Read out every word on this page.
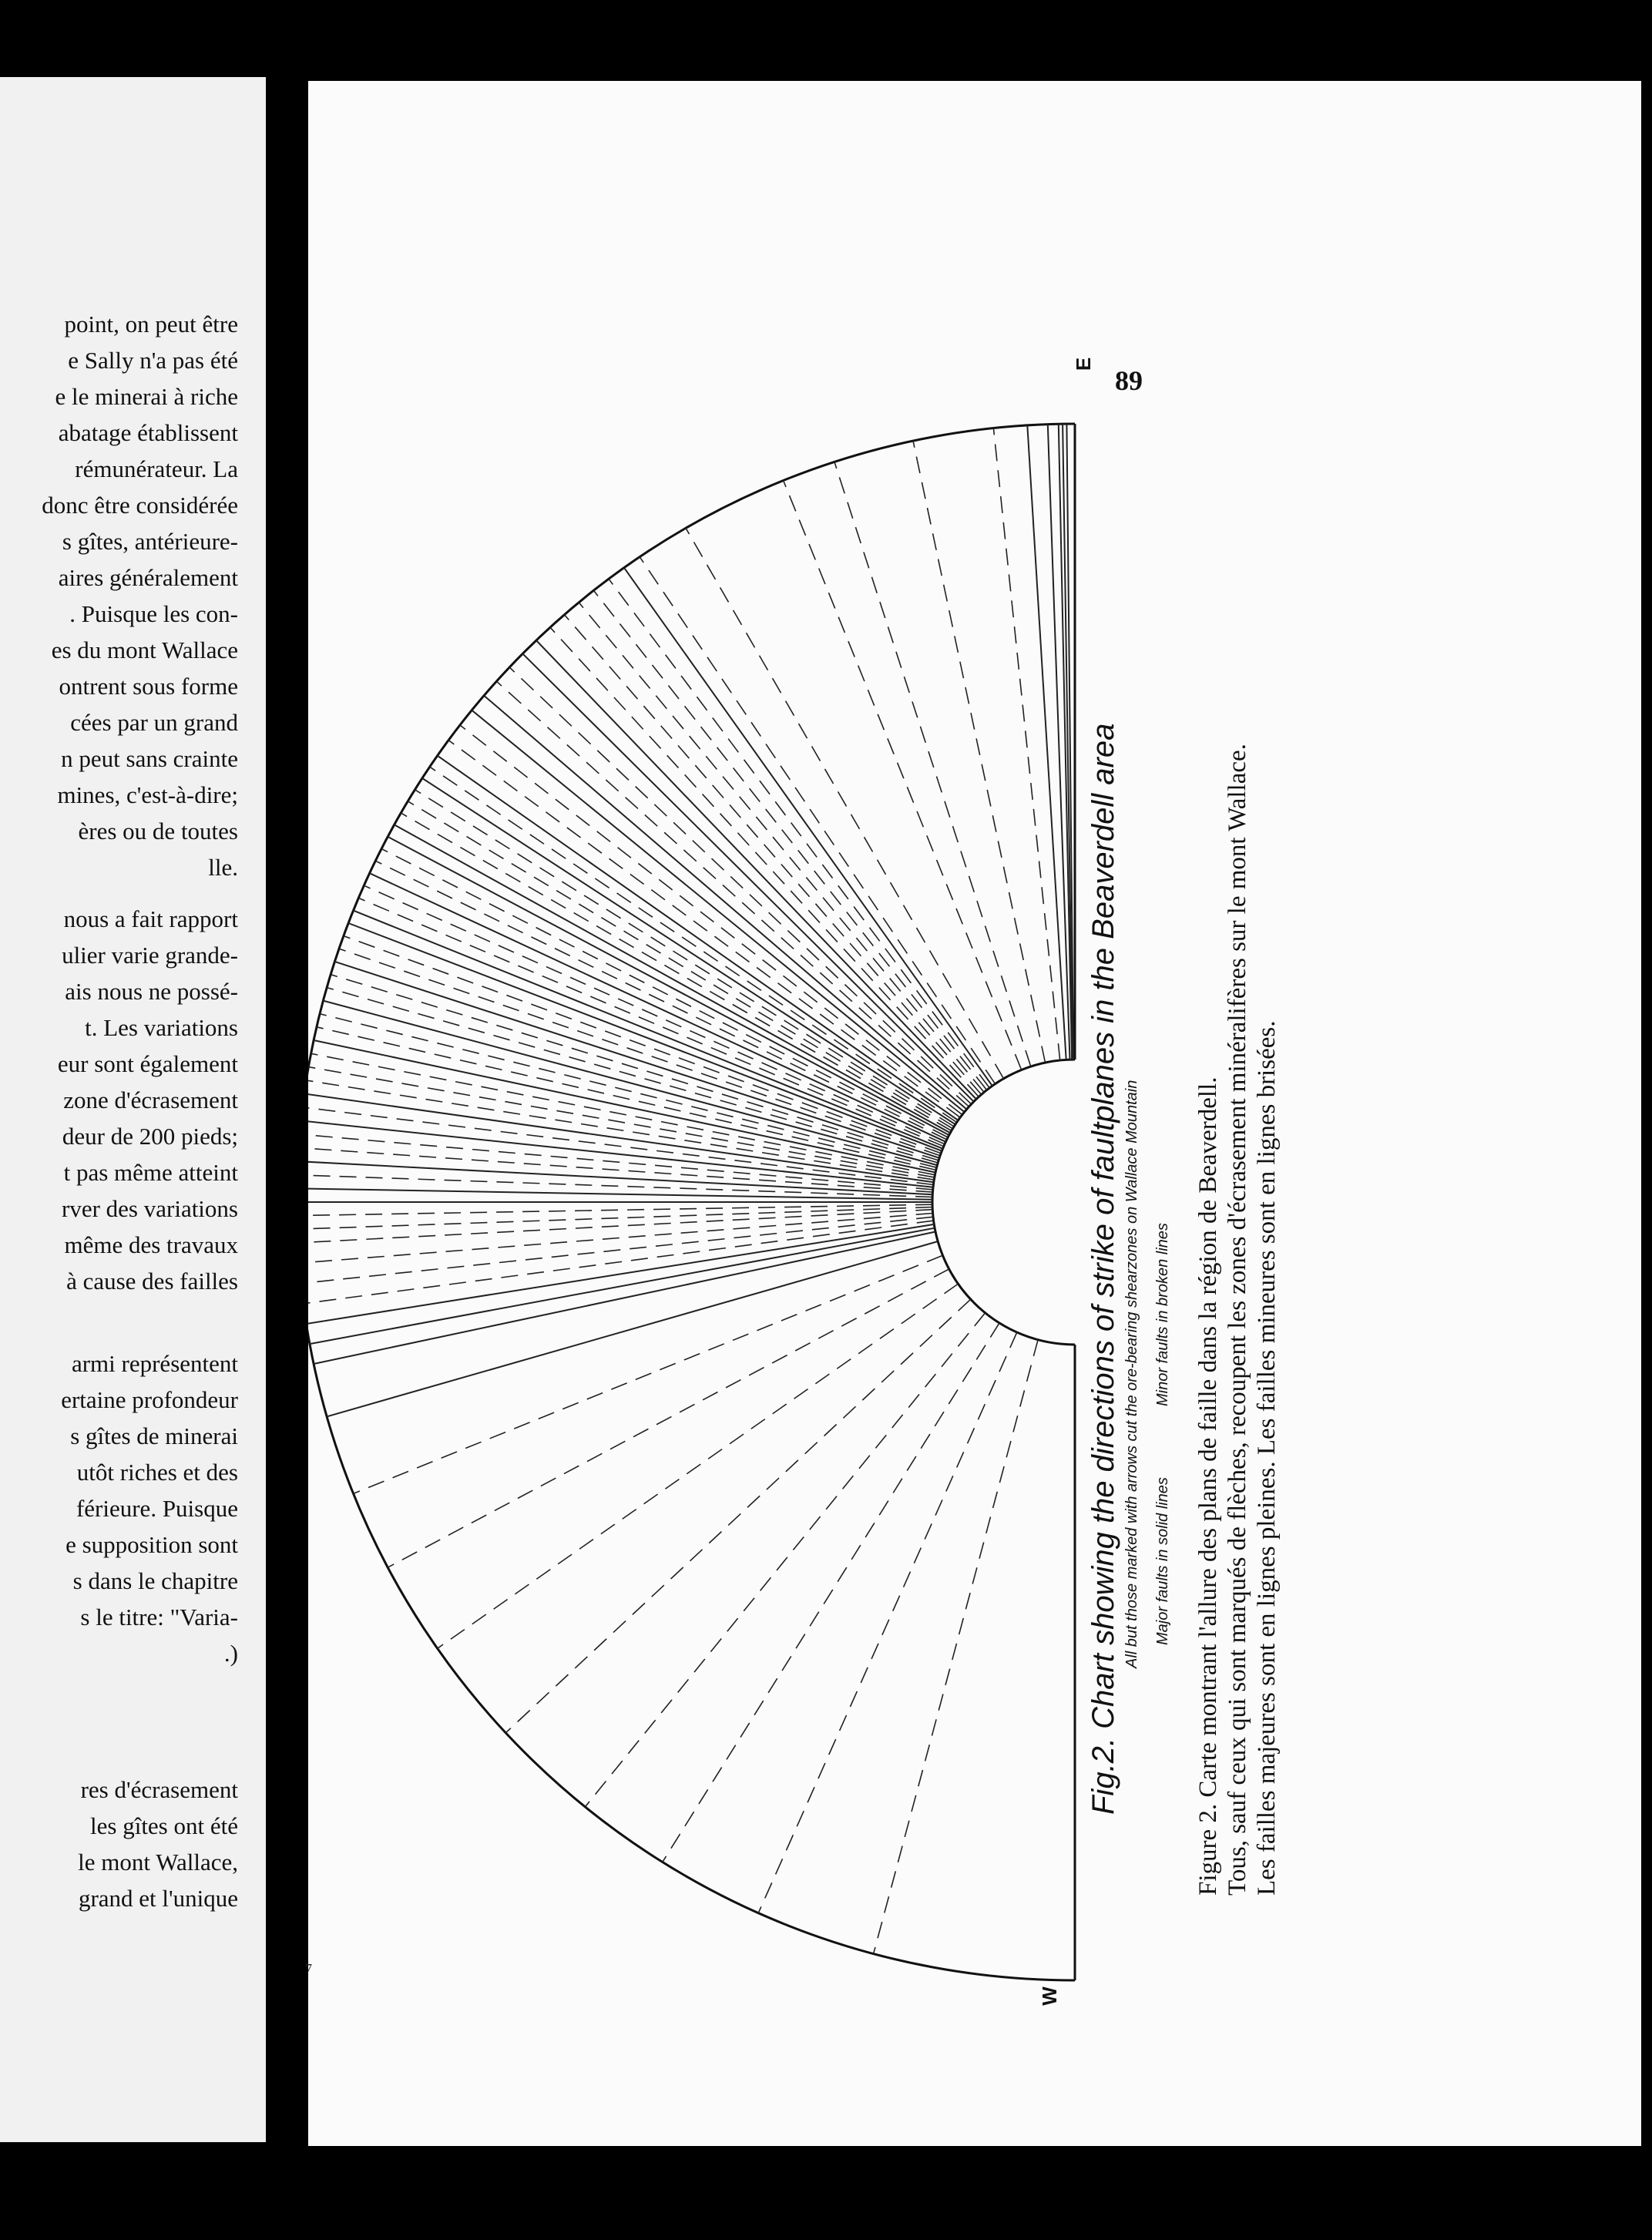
point, on peut être
e Sally n'a pas été
e le minerai à riche
abatage établissent
rémunérateur. La
donc être considérée
s gîtes, antérieure-
aires généralement
. Puisque les con-
es du mont Wallace
ontrent sous forme
cées par un grand
n peut sans crainte
mines, c'est-à-dire;
ères ou de toutes
lle.
nous a fait rapport
ulier varie grande-
ais nous ne possé-
t. Les variations
eur sont également
zone d'écrasement
deur de 200 pieds;
t pas même atteint
rver des variations
même des travaux
à cause des failles
armi représentent
ertaine profondeur
s gîtes de minerai
utôt riches et des
férieure. Puisque
e supposition sont
s dans le chapitre
s le titre: "Varia-
.)
res d'écrasement
les gîtes ont été
le mont Wallace,
grand et l'unique
89
E
W
Fig.2. Chart showing the directions of strike of faultplanes in the Beaverdell area All but those marked with arrows cut the ore-bearing shearzones on Wallace Mountain Major faults in solid lines
Minor faults in broken lines Figure 2. Carte montrant l'allure des plans de faille dans la région de Beaverdell. Tous, sauf ceux qui sont marqués de flèches, recoupent les zones d'écrasement minéralifères sur le mont Wallace. Les failles majeures sont en lignes pleines. Les failles mineures sont en lignes brisées.
7
